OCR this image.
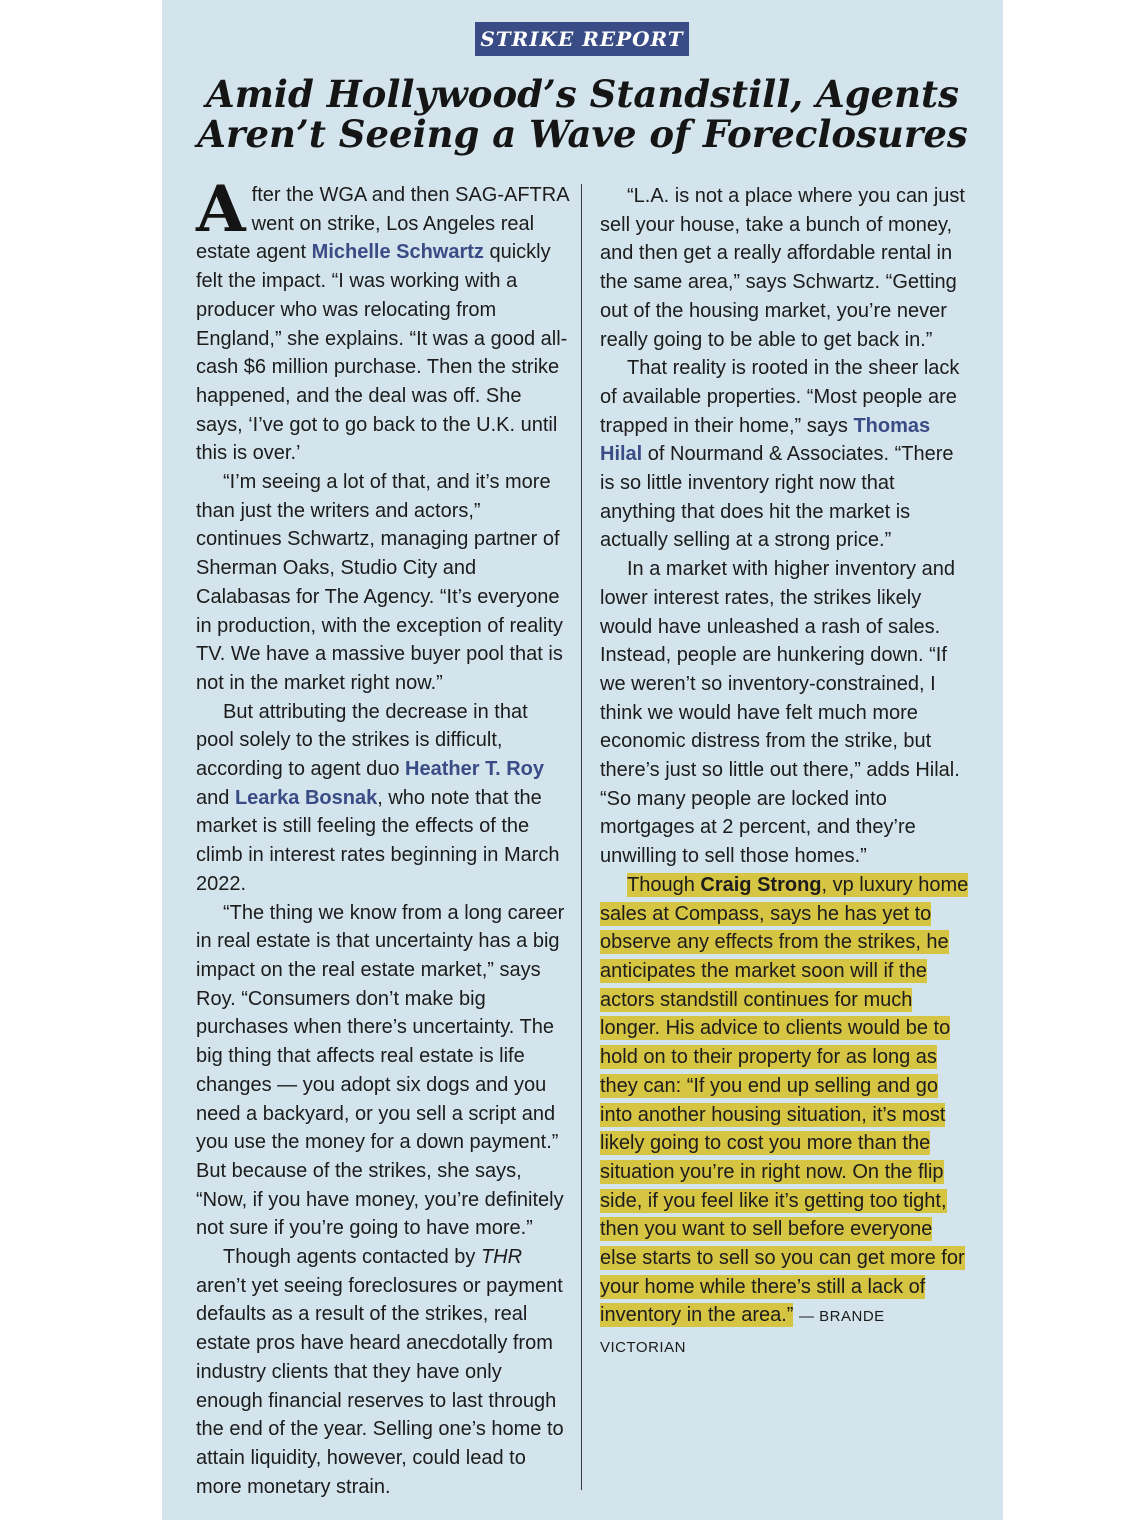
STRIKE REPORT
Amid Hollywood’s Standstill, Agents
Aren’t Seeing a Wave of Foreclosures

After the WGA and then SAG-AFTRA went on strike, Los Angeles real estate agent Michelle Schwartz quickly felt the impact. “I was working with a producer who was relocating from England,” she explains. “It was a good all-cash $6 million purchase. Then the strike happened, and the deal was off. She says, ‘I’ve got to go back to the U.K. until this is over.’

“I’m seeing a lot of that, and it’s more than just the writers and actors,” continues Schwartz, managing partner of Sherman Oaks, Studio City and Calabasas for The Agency. “It’s everyone in production, with the exception of reality TV. We have a massive buyer pool that is not in the market right now.”

But attributing the decrease in that pool solely to the strikes is difficult, according to agent duo Heather T. Roy and Learka Bosnak, who note that the market is still feeling the effects of the climb in interest rates beginning in March 2022.

“The thing we know from a long career in real estate is that uncertainty has a big impact on the real estate market,” says Roy. “Consumers don’t make big purchases when there’s uncertainty. The big thing that affects real estate is life changes — you adopt six dogs and you need a backyard, or you sell a script and you use the money for a down payment.” But because of the strikes, she says, “Now, if you have money, you’re definitely not sure if you’re going to have more.”

Though agents contacted by THR aren’t yet seeing foreclosures or payment defaults as a result of the strikes, real estate pros have heard anecdotally from industry clients that they have only enough financial reserves to last through the end of the year. Selling one’s home to attain liquidity, however, could lead to more monetary strain.

“L.A. is not a place where you can just sell your house, take a bunch of money, and then get a really affordable rental in the same area,” says Schwartz. “Getting out of the housing market, you’re never really going to be able to get back in.”

That reality is rooted in the sheer lack of available properties. “Most people are trapped in their home,” says Thomas Hilal of Nourmand & Associates. “There is so little inventory right now that anything that does hit the market is actually selling at a strong price.”

In a market with higher inventory and lower interest rates, the strikes likely would have unleashed a rash of sales. Instead, people are hunkering down. “If we weren’t so inventory-constrained, I think we would have felt much more economic distress from the strike, but there’s just so little out there,” adds Hilal. “So many people are locked into mortgages at 2 percent, and they’re unwilling to sell those homes.”

Though Craig Strong, vp luxury home sales at Compass, says he has yet to observe any effects from the strikes, he anticipates the market soon will if the actors standstill continues for much longer. His advice to clients would be to hold on to their property for as long as they can: “If you end up selling and go into another housing situation, it’s most likely going to cost you more than the situation you’re in right now. On the flip side, if you feel like it’s getting too tight, then you want to sell before everyone else starts to sell so you can get more for your home while there’s still a lack of inventory in the area.” — BRANDE VICTORIAN
